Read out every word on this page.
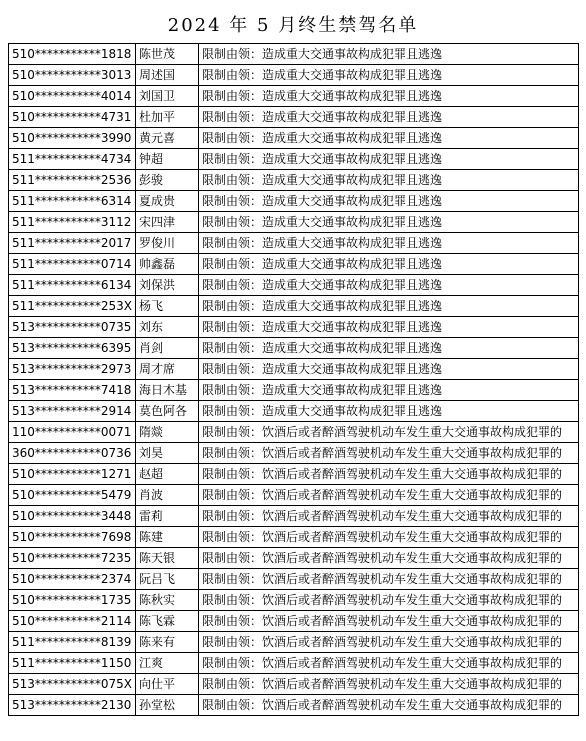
2024 年 5 月终生禁驾名单
510***********1818	陈世茂	限制由领：造成重大交通事故构成犯罪且逃逸
510***********3013	周述国	限制由领：造成重大交通事故构成犯罪且逃逸
510***********4014	刘国卫	限制由领：造成重大交通事故构成犯罪且逃逸
510***********4731	杜加平	限制由领：造成重大交通事故构成犯罪且逃逸
510***********3990	黄元喜	限制由领：造成重大交通事故构成犯罪且逃逸
511***********4734	钟超	限制由领：造成重大交通事故构成犯罪且逃逸
511***********2536	彭骏	限制由领：造成重大交通事故构成犯罪且逃逸
511***********6314	夏成贵	限制由领：造成重大交通事故构成犯罪且逃逸
511***********3112	宋四津	限制由领：造成重大交通事故构成犯罪且逃逸
511***********2017	罗俊川	限制由领：造成重大交通事故构成犯罪且逃逸
511***********0714	帅鑫磊	限制由领：造成重大交通事故构成犯罪且逃逸
511***********6134	刘保洪	限制由领：造成重大交通事故构成犯罪且逃逸
511***********253X	杨飞	限制由领：造成重大交通事故构成犯罪且逃逸
513***********0735	刘东	限制由领：造成重大交通事故构成犯罪且逃逸
513***********6395	肖剑	限制由领：造成重大交通事故构成犯罪且逃逸
513***********2973	周才席	限制由领：造成重大交通事故构成犯罪且逃逸
513***********7418	海日木基	限制由领：造成重大交通事故构成犯罪且逃逸
513***********2914	莫色阿各	限制由领：造成重大交通事故构成犯罪且逃逸
110***********0071	隋燚	限制由领：饮酒后或者醉酒驾驶机动车发生重大交通事故构成犯罪的
360***********0736	刘昊	限制由领：饮酒后或者醉酒驾驶机动车发生重大交通事故构成犯罪的
510***********1271	赵超	限制由领：饮酒后或者醉酒驾驶机动车发生重大交通事故构成犯罪的
510***********5479	肖波	限制由领：饮酒后或者醉酒驾驶机动车发生重大交通事故构成犯罪的
510***********3448	雷莉	限制由领：饮酒后或者醉酒驾驶机动车发生重大交通事故构成犯罪的
510***********7698	陈建	限制由领：饮酒后或者醉酒驾驶机动车发生重大交通事故构成犯罪的
510***********7235	陈天银	限制由领：饮酒后或者醉酒驾驶机动车发生重大交通事故构成犯罪的
510***********2374	阮吕飞	限制由领：饮酒后或者醉酒驾驶机动车发生重大交通事故构成犯罪的
510***********1735	陈秋实	限制由领：饮酒后或者醉酒驾驶机动车发生重大交通事故构成犯罪的
510***********2114	陈飞霖	限制由领：饮酒后或者醉酒驾驶机动车发生重大交通事故构成犯罪的
511***********8139	陈来有	限制由领：饮酒后或者醉酒驾驶机动车发生重大交通事故构成犯罪的
511***********1150	江爽	限制由领：饮酒后或者醉酒驾驶机动车发生重大交通事故构成犯罪的
513***********075X	向仕平	限制由领：饮酒后或者醉酒驾驶机动车发生重大交通事故构成犯罪的
513***********2130	孙堂松	限制由领：饮酒后或者醉酒驾驶机动车发生重大交通事故构成犯罪的
